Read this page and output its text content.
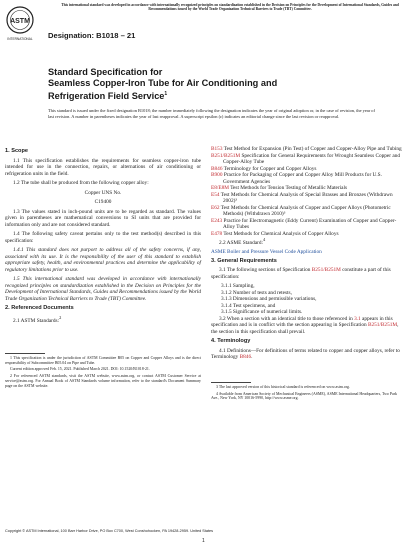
This international standard was developed in accordance with internationally recognized principles on standardization established in the Decision on Principles for the Development of International Standards, Guides and Recommendations issued by the World Trade Organization Technical Barriers to Trade (TBT) Committee.
ASTM
INTERNATIONAL Designation: B1018 – 21
Standard Specification for
Seamless Copper-Iron Tube for Air Conditioning and
Refrigeration Field Service$^1$
This standard is issued under the fixed designation B1018; the number immediately following the designation indicates the year of original adoption or, in the case of revision, the year of last revision. A number in parentheses indicates the year of last reapproval. A superscript epsilon (ε) indicates an editorial change since the last revision or reapproval.
1. Scope

1.1 This specification establishes the requirements for seamless copper-iron tube intended for use in the connection, repairs, or alternations of air conditioning or refrigeration units in the field.

1.2 The tube shall be produced from the following copper alloy:

Copper UNS No.

C19400

1.3 The values stated in inch-pound units are to be regarded as standard. The values given in parentheses are mathematical conversions to SI units that are provided for information only and are not considered standard.

1.4 The following safety caveat pertains only to the test method(s) described in this specification:

1.4.1 This standard does not purport to address all of the safety concerns, if any, associated with its use. It is the responsibility of the user of this standard to establish appropriate safety, health, and environmental practices and determine the applicability of regulatory limitations prior to use.

1.5 This international standard was developed in accordance with internationally recognized principles on standardization established in the Decision on Principles for the Development of International Standards, Guides and Recommendations issued by the World Trade Organization Technical Barriers to Trade (TBT) Committee.

2. Referenced Documents

2.1 ASTM Standards:$^2$

1 This specification is under the jurisdiction of ASTM Committee B05 on Copper and Copper Alloys and is the direct responsibility of Subcommittee B05.04 on Pipe and Tube.

Current edition approved Feb. 15, 2021. Published March 2021. DOI: 10.1520/B1018-21.

2 For referenced ASTM standards, visit the ASTM website, www.astm.org, or contact ASTM Customer Service at service@astm.org. For Annual Book of ASTM Standards volume information, refer to the standard's Document Summary page on the ASTM website.

B153 Test Method for Expansion (Pin Test) of Copper and Copper-Alloy Pipe and Tubing

B251/B251M Specification for General Requirements for Wrought Seamless Copper and Copper-Alloy Tube

B846 Terminology for Copper and Copper Alloys

B900 Practice for Packaging of Copper and Copper Alloy Mill Products for U.S. Government Agencies

E8/E8M Test Methods for Tension Testing of Metallic Materials

E54 Test Methods for Chemical Analysis of Special Brasses and Bronzes (Withdrawn 2002)³

E62 Test Methods for Chemical Analysis of Copper and Copper Alloys (Photometric Methods) (Withdrawn 2010)³

E243 Practice for Electromagnetic (Eddy Current) Examination of Copper and Copper-Alloy Tubes

E478 Test Methods for Chemical Analysis of Copper Alloys

2.2 ASME Standard:$^4$

ASME Boiler and Pressure Vessel Code Application

3. General Requirements

3.1 The following sections of Specification B251/B251M constitute a part of this specification:

3.1.1 Sampling,
3.1.2 Number of tests and retests,
3.1.3 Dimensions and permissible variations,
3.1.4 Test specimens, and
3.1.5 Significance of numerical limits.

3.2 When a section with an identical title to those referenced in 3.1 appears in this specification and is in conflict with the section appearing in Specification B251/B251M, the section in this specification shall prevail.

4. Terminology

4.1 Definitions—For definitions of terms related to copper and copper alloys, refer to Terminology B846.

3 The last approved version of this historical standard is referenced on www.astm.org.

4 Available from American Society of Mechanical Engineers (ASME), ASME International Headquarters, Two Park Ave., New York, NY 10016-5990, http://www.asme.org.

Copyright © ASTM International, 100 Barr Harbor Drive, PO Box C700, West Conshohocken, PA 19428-2959. United States
1
